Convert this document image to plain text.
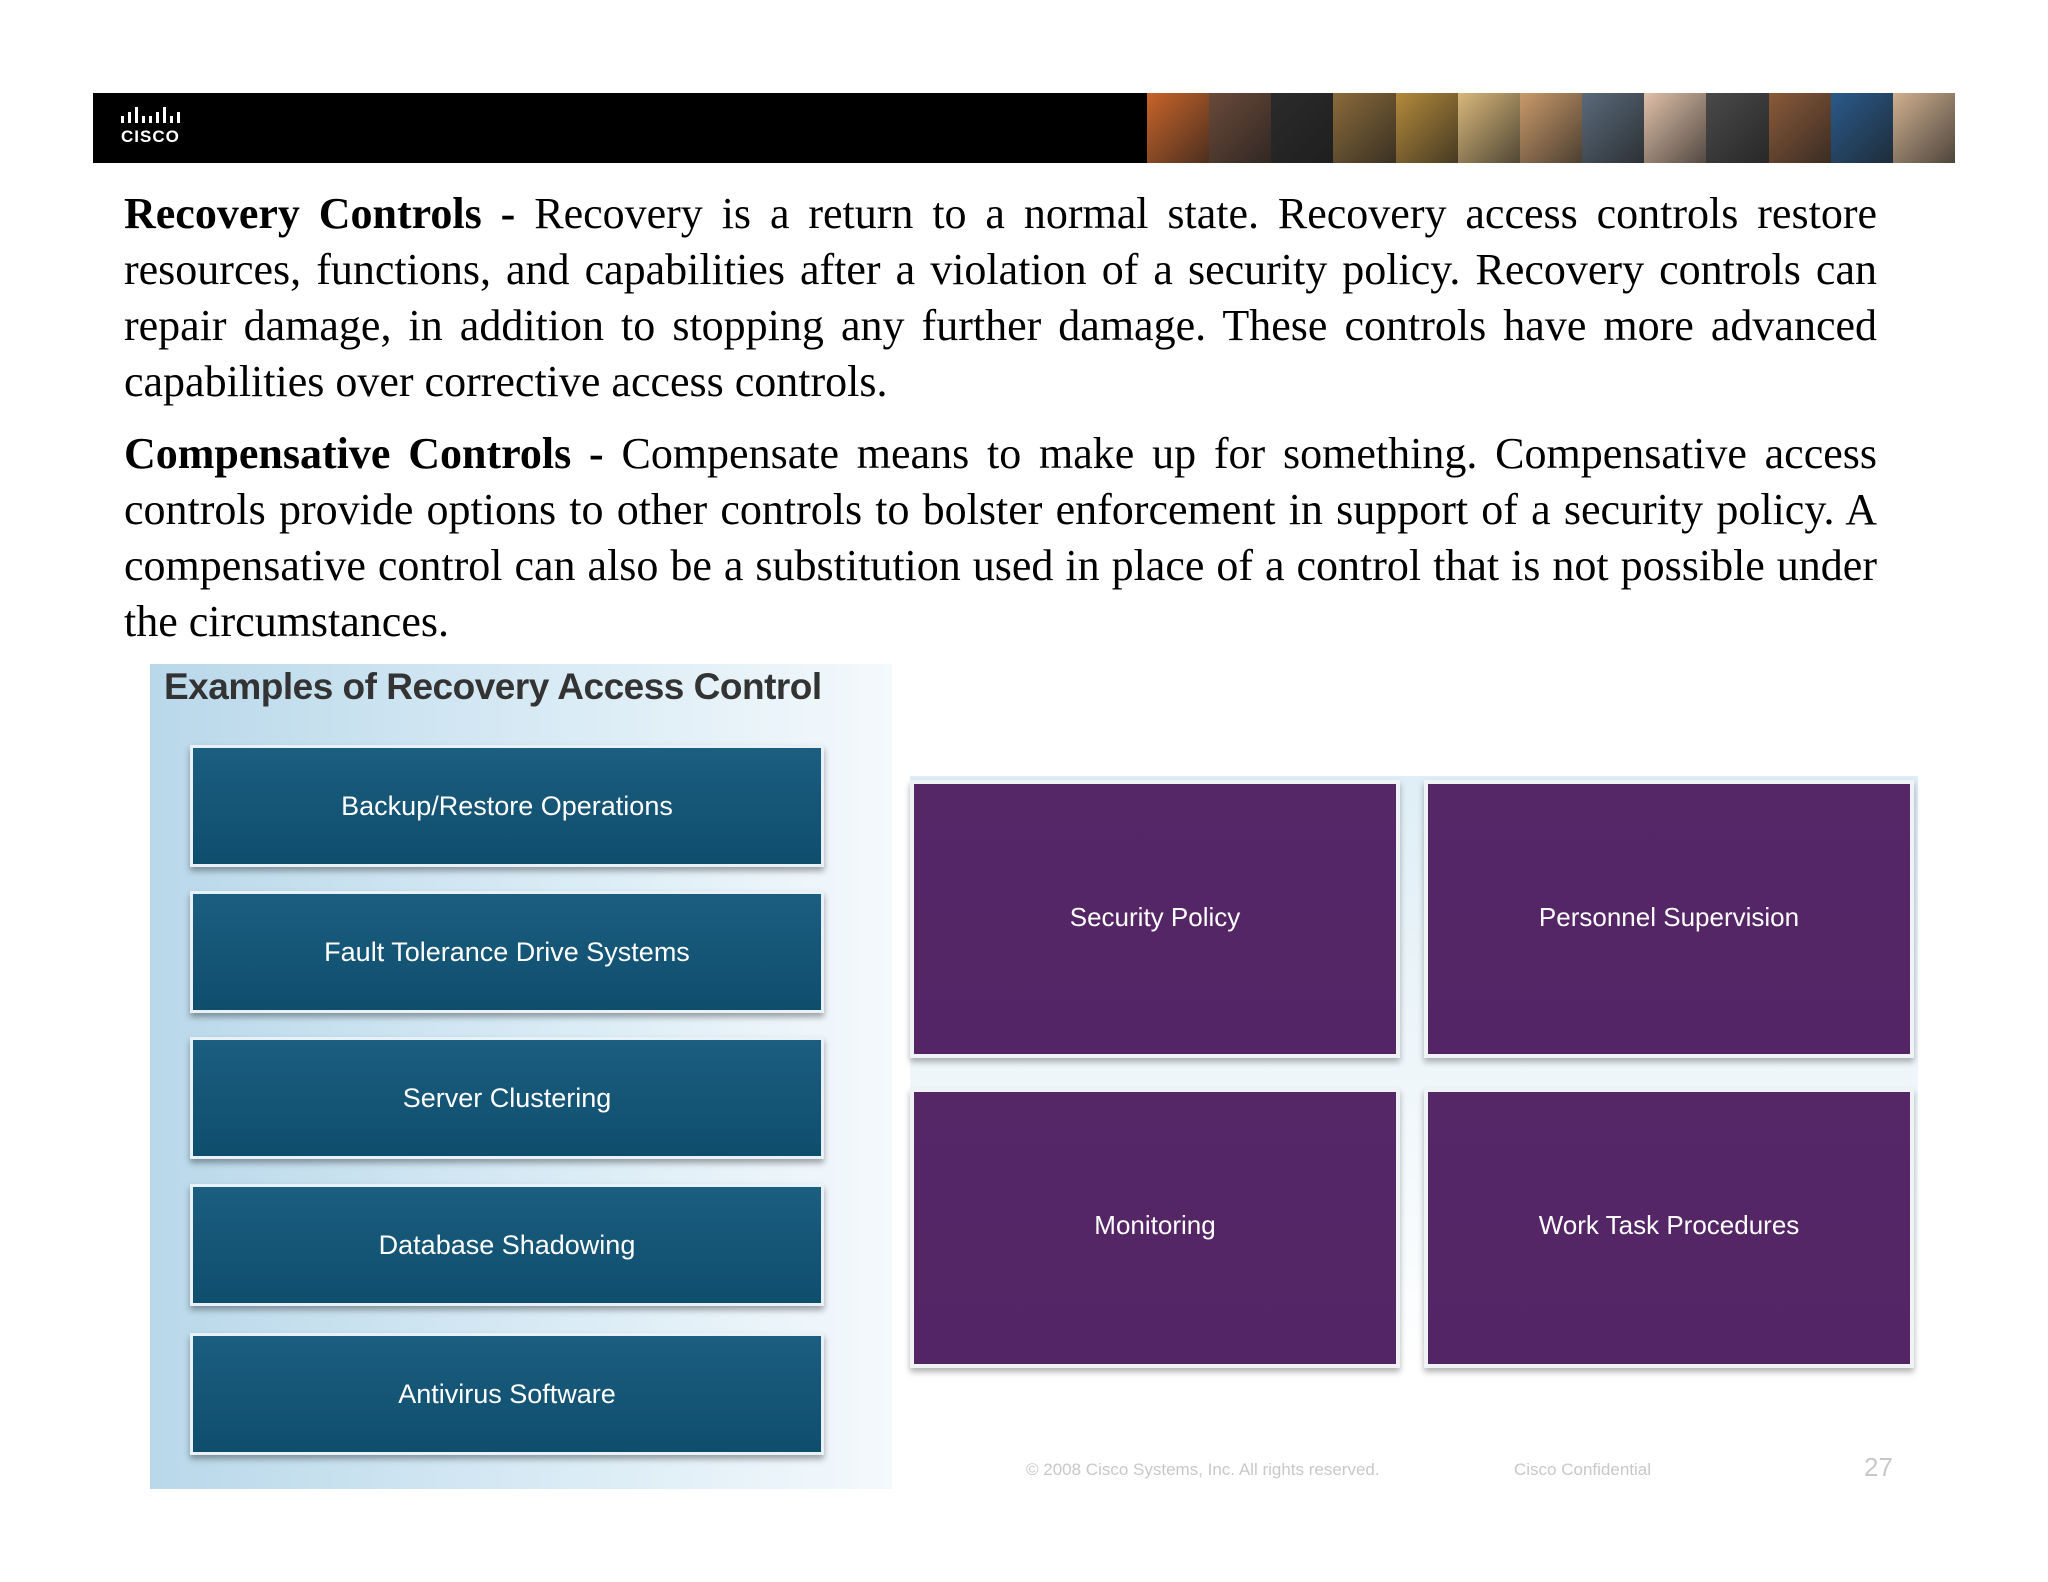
CISCO

Recovery Controls - Recovery is a return to a normal state. Recovery access controls restore resources, functions, and capabilities after a violation of a security policy. Recovery controls can repair damage, in addition to stopping any further damage. These controls have more advanced capabilities over corrective access controls.

Compensative Controls - Compensate means to make up for something. Compensative access controls provide options to other controls to bolster enforcement in support of a security policy. A compensative control can also be a substitution used in place of a control that is not possible under the circumstances.

Examples of Recovery Access Control
Backup/Restore Operations
Fault Tolerance Drive Systems
Server Clustering
Database Shadowing
Antivirus Software
Security Policy	Personnel Supervision
Monitoring	Work Task Procedures
© 2008 Cisco Systems, Inc. All rights reserved.	Cisco Confidential	27
